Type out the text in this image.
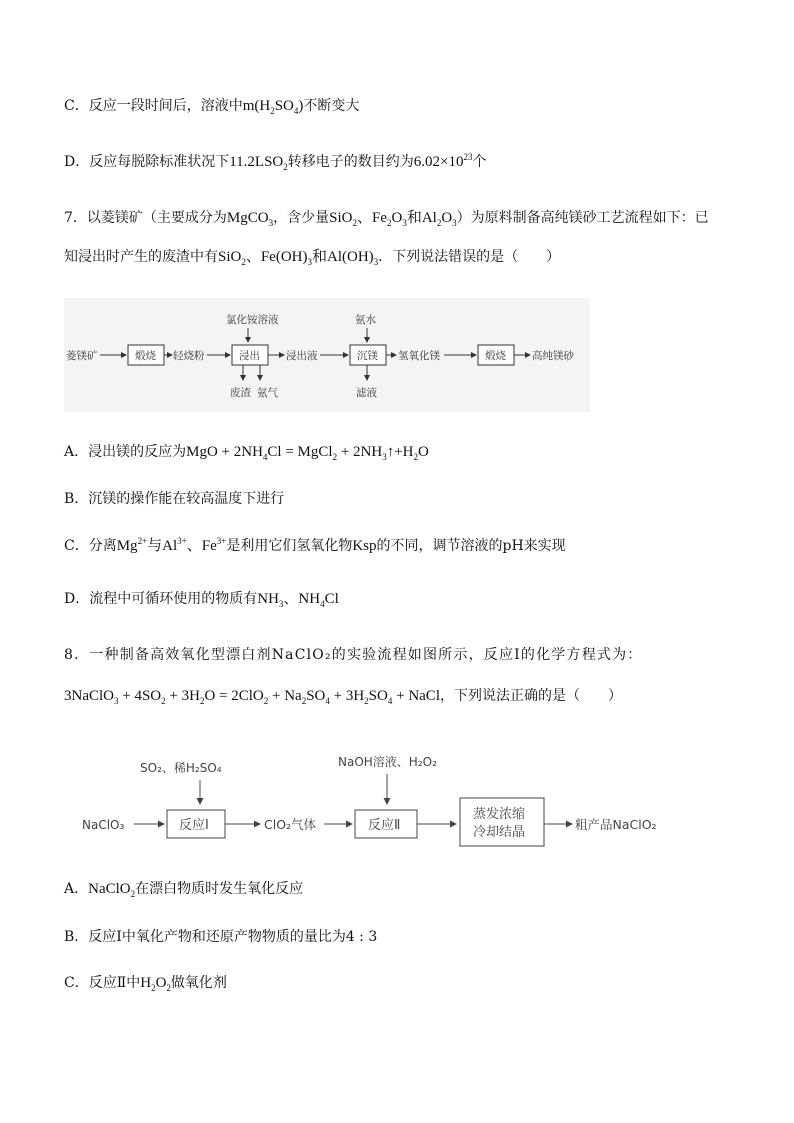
C．反应一段时间后，溶液中$m(H_2SO_4)$不断变大
D．反应每脱除标准状况下$11.2LSO_2$转移电子的数目约为$6.02\times 10^{23}$个
7．以菱镁矿（主要成分为MgCO$_3$，含少量SiO$_2$、$Fe_2O_3$和$Al_2O_3$）为原料制备高纯镁砂工艺流程如下：已
知浸出时产生的废渣中有SiO$_2$、$Fe(OH)_3$和$Al(OH)_3$．下列说法错误的是（　　）
菱镁矿	煅烧 轻烧粉
氯化铵溶液
浸出
废渣 氨气
浸出液
氨水
沉镁
滤液
氢氧化镁	煅烧 高纯镁砂
A．浸出镁的反应为MgO + $2NH_4Cl$ = MgCl$_2$ + $2NH_3↑+H_2O$
B．沉镁的操作能在较高温度下进行
C．分离$Mg^{2+}$与$Al^{3+}$、$Fe^{3+}$是利用它们氢氧化物Ksp的不同，调节溶液的pH来实现
D．流程中可循环使用的物质有$NH_3$、$NH_4Cl$
8．一种制备高效氧化型漂白剂NaClO₂的实验流程如图所示，反应Ⅰ的化学方程式为：
3NaClO$_3$ + $4SO_2 + 3H_2O = 2ClO_2 + Na_2SO_4 + 3H_2SO_4$ + NaCl，下列说法正确的是（　　）
SO₂、稀H₂SO₄	NaOH溶液、H₂O₂
NaClO₃	反应Ⅰ	ClO₂气体	反应Ⅱ
蒸发浓缩
冷却结晶
粗产品NaClO₂
A．NaClO$_2$在漂白物质时发生氧化反应
B．反应Ⅰ中氧化产物和还原产物物质的量比为4 : 3
C．反应Ⅱ中$H_2O_2$做氧化剂
